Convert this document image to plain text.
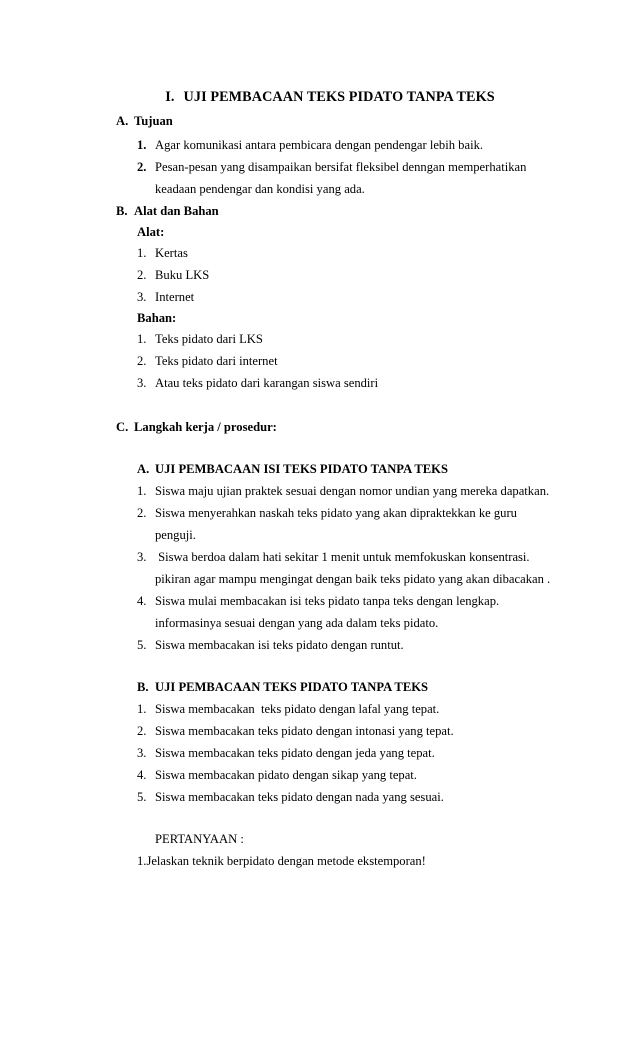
I. UJI PEMBACAAN TEKS PIDATO TANPA TEKS
A. Tujuan
1. Agar komunikasi antara pembicara dengan pendengar lebih baik.
2. Pesan-pesan yang disampaikan bersifat fleksibel denngan memperhatikan
keadaan pendengar dan kondisi yang ada.
B. Alat dan Bahan
Alat:
1. Kertas
2. Buku LKS
3. Internet
Bahan:
1. Teks pidato dari LKS
2. Teks pidato dari internet
3. Atau teks pidato dari karangan siswa sendiri
C. Langkah kerja / prosedur:
A. UJI PEMBACAAN ISI TEKS PIDATO TANPA TEKS
1. Siswa maju ujian praktek sesuai dengan nomor undian yang mereka dapatkan.
2. Siswa menyerahkan naskah teks pidato yang akan dipraktekkan ke guru
penguji.
3. Siswa berdoa dalam hati sekitar 1 menit untuk memfokuskan konsentrasi.
pikiran agar mampu mengingat dengan baik teks pidato yang akan dibacakan .
4. Siswa mulai membacakan isi teks pidato tanpa teks dengan lengkap.
informasinya sesuai dengan yang ada dalam teks pidato.
5. Siswa membacakan isi teks pidato dengan runtut.
B. UJI PEMBACAAN TEKS PIDATO TANPA TEKS
1. Siswa membacakan  teks pidato dengan lafal yang tepat.
2. Siswa membacakan teks pidato dengan intonasi yang tepat.
3. Siswa membacakan teks pidato dengan jeda yang tepat.
4. Siswa membacakan pidato dengan sikap yang tepat.
5. Siswa membacakan teks pidato dengan nada yang sesuai.
PERTANYAAN :
1.Jelaskan teknik berpidato dengan metode ekstemporan!
